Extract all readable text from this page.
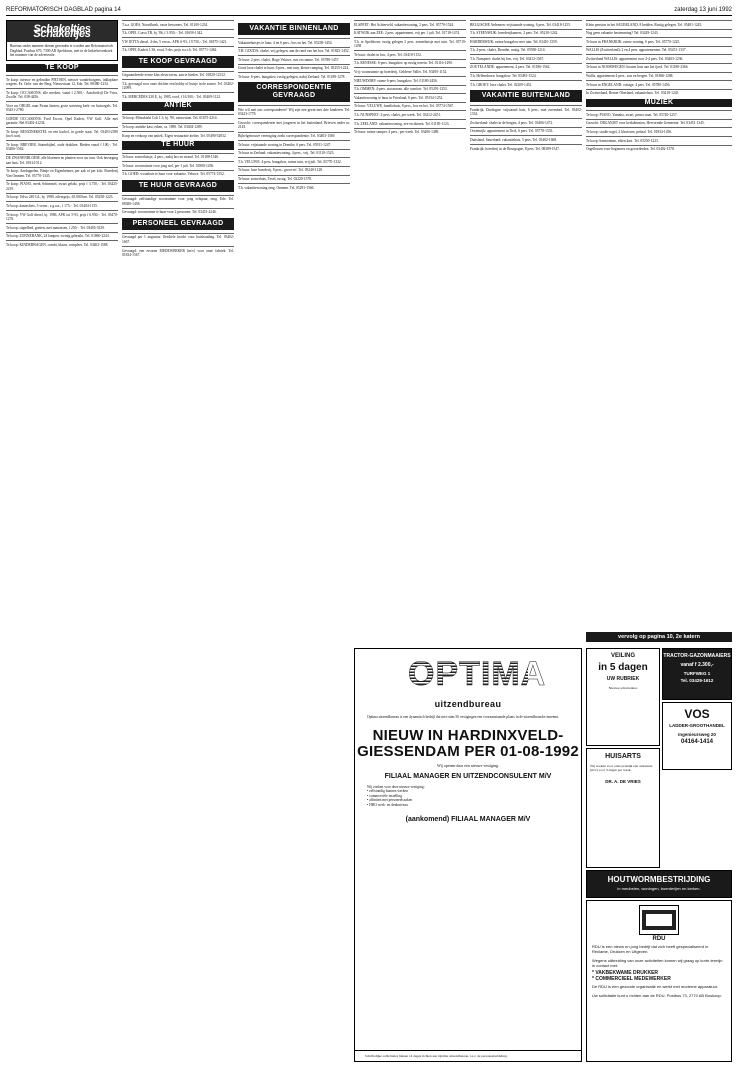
REFORMATORISCH DAGBLAD pagina 14	zaterdag 13 juni 1992
Schakeltjes Schakeltjes
Bureaus onder nummer dienen gezonden te worden aan Reformatorisch Dagblad, Postbus 670, 7300 AR Apeldoorn, met in de linkerbovenhoek het nummer van de advertentie.
TE KOOP

Te koop: nieuwe en gebruikte PIETSEN, nieuwe wandelwagens, inklapbare wagens. Fa. Gebr. van der Berg, Nieuwstraat 12, Ede. Tel. 08380-1234.

Te koop: OCCASIONS, alle merken, vanaf f 2.500,-. Autobedrijf De Vries, Zwolle. Tel. 038-4456.

Voor uw ORGEL naar Firma Jansen, grote sortering kerk- en huisorgels. Tel. 03451-2780.

GOEDE OCCASIONS: Ford Escort, Opel Kadett, VW Golf. Alle met garantie. Bel 03402-41234.

Te koop: BENZINEKETEL en een kachel, in goede staat. Tel. 03403-2390 (na 6 uur).

Te koop: BREVIER, Statenbijbel, oude drukken. Bieden vanaf f 100,-. Tel. 03406-1562.

DE ZWANENBLOEM: alle bloemen en planten voor uw tuin. Ook bezorging aan huis. Tel. 01814-512.

Te koop: Aardappelen, Bintje en Eigenheimer, per zak of per kilo. Boerderij Van Ommen. Tel. 05770-1345.

Te koop: PIANO, merk Schimmel, zwart gelakt, prijs f 3.750,-. Tel. 03425-2219.

Te koop: Volvo 240 GL, bj. 1989, zilvergrijs, 65.000 km. Tel. 05258-1223.

Te koop: damesfiets, 3 versn., z.g.a.n., f 175,-. Tel. 03404-1155.

Te koop: VW Golf diesel, bj. 1986, APK tot 5-93, prijs f 6.950,-. Tel. 03470-1276.

Te koop: stapelbed, grenen, met matrassen, f 250,-. Tel. 03405-3329.

Te koop: ZONNEBANK, 24 lampen, weinig gebruikt. Tel. 01860-2244.

Te koop: KINDERWAGEN, combi, blauw, compleet. Tel. 03402-1588.

T.a.a. GOES, Noordhoek, vaste bewoners. Tel. 01100-1234.

T.k. OPEL Corsa TR, bj. '86, f 3.950,-. Tel. 01650-1342.

VW JETTA diesel, 4-drs, 5 versn., APK 6-93, f 9.750,-. Tel. 01875-1421.

T.k. OPEL Kadett 1.3S, rood, 5-drs, prijs n.o.t.k. Tel. 05771-1462.

TE KOOP GEVRAAGD

Gegarandeerde eerste klas electriciens, aan te bieden. Tel. 01820-12312.

T.k. gevraagd voor onze dochter een hobby of huisje in de zomer. Tel. 03402-12099.

T.k. MERCEDES 230 E, bj. 1985, rood, f 16.500,-. Tel. 03409-1122.

ANTIEK

Te koop: Mitsubishi Colt 1.3, bj. '90, nieuwstaat. Tel. 01675-2214.

Te koop: antieke kast, eiken, ca. 1890. Tel. 03404-1289.

Koop en verkoop van antiek. Eigen restauratie atelier. Tel. 05490-52832.

TE HUUR

Te huur: zomerhuisje, 4 pers., nabij bos en strand. Tel. 01188-1546.

Te huur: woonruimte voor jong stel, per 1 juli. Tel. 01800-1456.

T.k. GOED: woonhuis te huur voor vakantie, Veluwe. Tel. 05774-1552.

TE HUUR GEVRAAGD

Gevraagd: zelfstandige woonruimte voor jong echtpaar, omg. Ede. Tel. 08380-1458.

Gevraagd: woonruimte te huur voor 2 personen. Tel. 03451-2246.

PERSONEEL GEVRAAGD

Gevraagd per 1 augustus: flexibele kracht voor huishouding. Tel. 03402-1667.

Gevraagd: een ervaren MEDEWERKER (m/v) voor onze fabriek. Tel. 01834-1567.

VAKANTIE BINNENLAND

Vakantiehuisjes te huur, 4 en 6 pers., bos en hei. Tel. 05258-1454.

T.H. GOUDA: chalet, vrij gelegen, aan de rand van het bos. Tel. 01823-1452.

Te huur: 2 pers. chalet, Hoge Veluwe, rust en ruimte. Tel. 05788-1457.

Groot luxe chalet te huur, 6 pers., met tuin, kleine camping. Tel. 05255-1224.

Te huur: 6-pers. bungalow, rustig gelegen, nabij Zeeland. Tel. 01189-1278.

CORRESPONDENTIE GEVRAAGD

Wie wil met ons corresponderen? Wij zijn een gezin met drie kinderen. Tel. 03423-1778.

Gezocht: correspondentie met jongeren in het buitenland. Brieven onder nr. 2145.

Bijbelgetrouwe vereniging zoekt correspondentie. Tel. 03403-1569.

Te huur: vrijstaande woning in Drenthe, 6 pers. Tel. 05911-1247.

Te huur in Zeeland: vakantiewoning, 4 pers., vrij. Tel. 01110-1523.

T.h. VELUWE: 4-pers. bungalow, ruime tuin, vrij juli. Tel. 05770-1332.

Te huur: luxe boerderij, 8 pers., groot erf. Tel. 05240-1128.

Te huur: zomerhuis, Texel, rustig. Tel. 02220-1578.

T.h. vakantiewoning omg. Ommen. Tel. 05291-1566.

ELSPEET: Het Achterveld, vakantiewoning, 2 pers. Tel. 05770-1524.

KATWIJK aan ZEE: 2 pers. appartement, vrij per 1 juli. Tel. 01718-1474.

T.h. te Apeldoorn: rustig gelegen 2 pers. zomerhuisje met tuin. Tel. 05719-1458.

Te huur: chalet in bos, 4 pers. Tel. 03418-1152.

T.h. RENESSE: 6-pers. bungalow op rustig terrein. Tel. 01116-1290.

Vrij: woonruimte op boerderij, Gelderse Vallei. Tel. 03495-1152.

NIEUWDORP: ruime 6-pers. bungalow. Tel. 01180-2456.

T.h. OMMEN: 4-pers. stacaravan, alle comfort. Tel. 05291-1253.

Vakantiewoning te huur in Friesland, 6 pers. Tel. 05154-1252.

Te huur: VELUWE, familiehuis, 8 pers., bos en hei. Tel. 05774-1567.

T.h. NUNSPEET: 2-pers. chalet, per week. Tel. 03412-2451.

T.h. ZEELAND: vakantiewoning, zee en duinen. Tel. 01185-1123.

Te huur: ruime camper, 4 pers., per week. Tel. 03406-1489.

BELGISCHE Ardennen: vrijstaande woning, 6 pers. Tel. 03418-1255.

T.h. STEENWIJK: boerderijkamers, 2 pers. Tel. 05210-1242.

HARDERWIJK: ruime bungalow met tuin. Tel. 03410-1559.

T.h. 4-pers. chalet, Drenthe, rustig. Tel. 05930-1214.

T.h. Nunspeet: chalet bij bos, vrij. Tel. 03412-1567.

ZOUTELANDE: appartement, 4 pers. Tel. 01186-1562.

T.h. Hellendoorn: bungalow. Tel. 05481-1524.

T.h. GROET: luxe chalet. Tel. 02209-1452.

VAKANTIE BUITENLAND

Frankrijk, Dordogne: vrijstaand huis, 6 pers., met zwembad. Tel. 03402-1334.

Zwitserland: chalet in de bergen, 4 pers. Tel. 03406-1472.

Oostenrijk: appartement in Tirol, 6 pers. Tel. 05778-1533.

Duitsland, Sauerland: vakantiehuis, 5 pers. Tel. 03402-1668.

Frankrijk: boerderij in de Bourgogne, 8 pers. Tel. 08389-1547.

Klein pension in het SAUERLAND. 8 bedden. Rustig gelegen. Tel. 05481-1245.

Nog geen vakantie bestemming? Tel. 03429-1243.

Te huur in FRANKRIJK: ruime woning, 6 pers. Tel. 05770-1225.

WALLIS (Zwitserland): 2 en 4 pers. appartementen. Tel. 05451-1337.

Zwitserland WALLIS: appartement voor 2-4 pers. Tel. 03403-1236.

Te huur in NOORWEGEN: houten huis aan het fjord. Tel. 01180-2366.

Wallis, appartement 4 pers., zon en bergen. Tel. 01866-1288.

Te huur in ENGELAND: cottage, 4 pers. Tel. 05780-1456.

In Zwitserland, Berner Oberland, vakantiehuis. Tel. 03418-1245.

MUZIEK

Te koop: PIANO, Yamaha, zwart, prima staat. Tel. 05740-1257.

Gezocht: ORGANIST voor kerkdiensten, Hervormde Gemeente. Tel. 03451-1345.

Te koop: studie-orgel, 2 klavieren, pedaal. Tel. 01834-1456.

Te koop: harmonium, eiken kast. Tel. 05250-1223.

Orgellessen voor beginners en gevorderden. Tel. 03402-1578.

vervolg op pagina 10, 2e katern
OPTIMA
uitzendbureau
Optima uitzendbureau is een dynamisch bedrijf dat met ruim 50 vestigingen een vooraanstaande plaats in de uitzendbranche inneemt.
NIEUW IN HARDINXVELD-GIESSENDAM PER 01-08-1992
Wij openen daar een nieuwe vestiging.
FILIAAL MANAGER EN UITZENDCONSULENT M/V
Wij zoeken voor deze nieuwe vestiging:
• zelfstandig kunnen werken
• commerciële instelling
• affiniteit met personeelszaken
• HBO werk- en denkniveau
(aankomend) FILIAAL MANAGER M/V
Schriftelijke sollicitaties binnen 14 dagen richten aan Optima uitzendbureau, t.a.v. de personeelsafdeling.
VEILING
in 5 dagen
UW RUBRIEK
Nieuwe advertenties
TRACTOR-GAZONMAAIERS
vanaf f 2.300,-
TURFWEG 1
Tel. 03429-1612
HUISARTS
Wij zoeken voor onze praktijk een assistente (m/v) voor 3 dagen per week.
DR. A. DE VRIES
VOS
LADDER-GROOTHANDEL
Ingenieursweg 20
04164-1414
HOUTWORMBESTRIJDING
in meubelen, woningen, boerderijen en kerken.
RDU
RDU is een nieuw en jong bedrijf dat zich heeft gespecialiseerd in Reclame, Drukken en Uitgeven.
Wegens uitbreiding van onze activiteiten komen wij graag op korte termijn in contact met:
* VAKBEKWAME DRUKKER
* COMMERCIEEL MEDEWERKER
De RDU is een gezonde organisatie en werkt met moderne apparatuur.
Uw sollicitatie kunt u richten aan de RDU, Postbus 73, 2770 AB Boskoop.
